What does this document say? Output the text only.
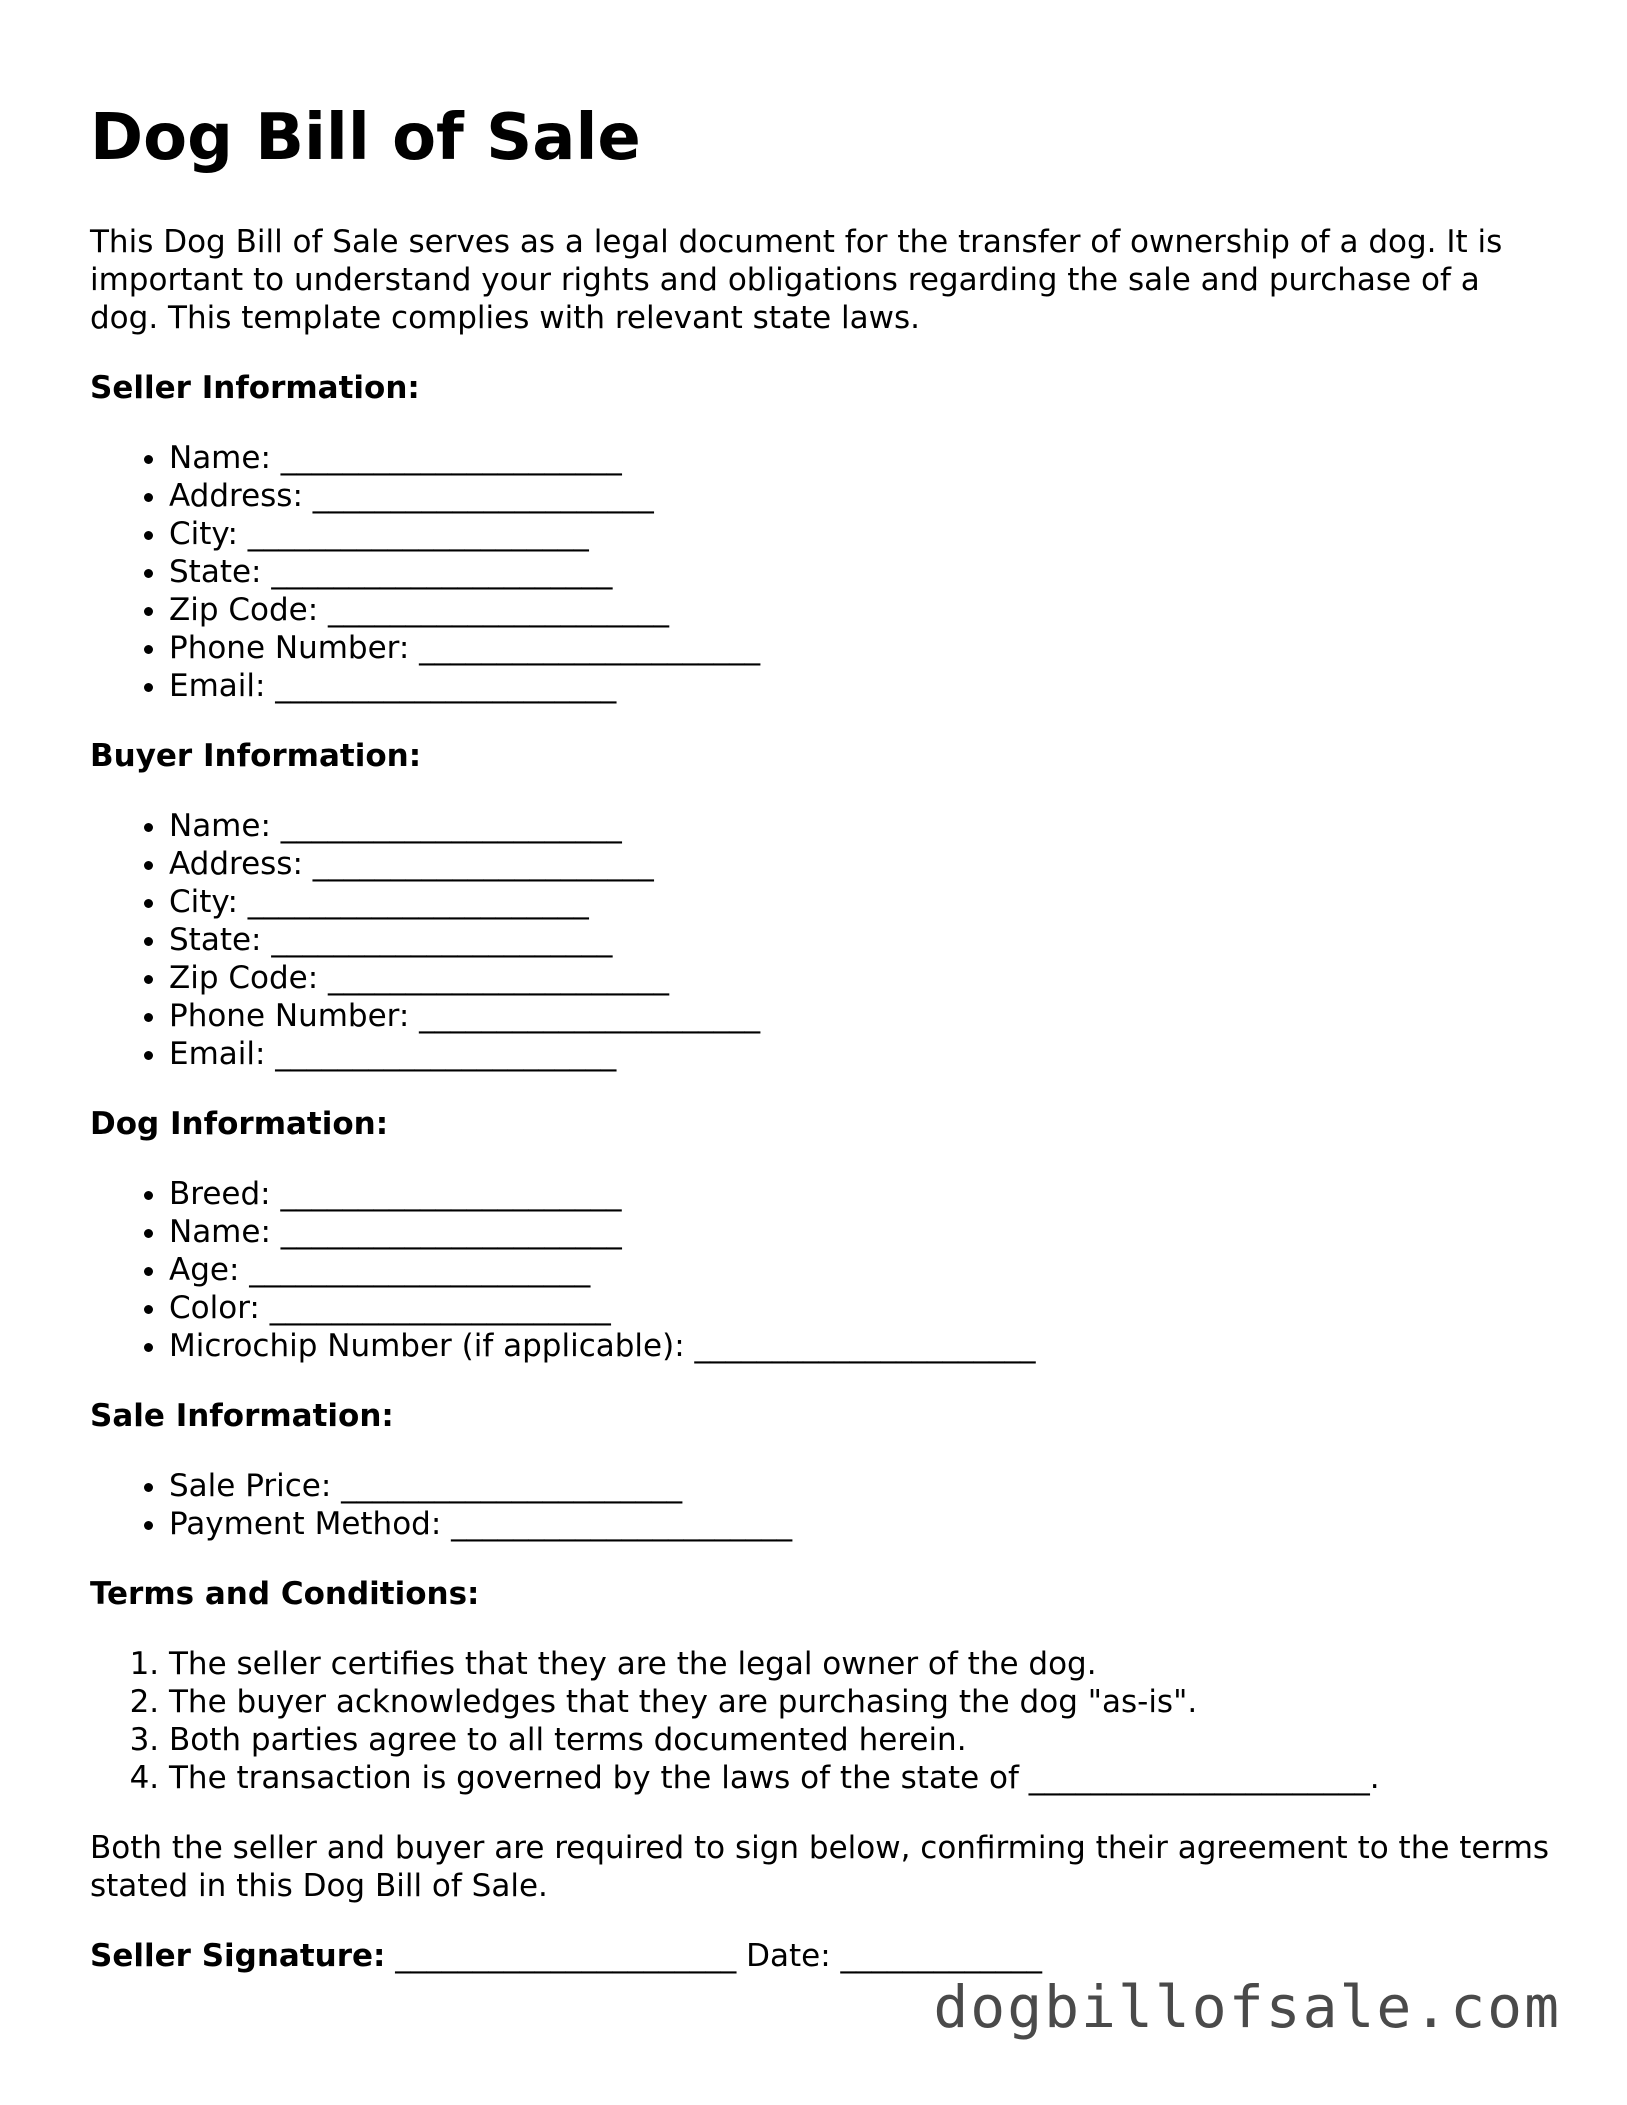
Dog Bill of Sale

This Dog Bill of Sale serves as a legal document for the transfer of ownership of a dog. It is important to understand your rights and obligations regarding the sale and purchase of a dog. This template complies with relevant state laws.

Seller Information:
• Name: ______________________
• Address: ______________________
• City: ______________________
• State: ______________________
• Zip Code: ______________________
• Phone Number: ______________________
• Email: ______________________
Buyer Information:
• Name: ______________________
• Address: ______________________
• City: ______________________
• State: ______________________
• Zip Code: ______________________
• Phone Number: ______________________
• Email: ______________________
Dog Information:
• Breed: ______________________
• Name: ______________________
• Age: ______________________
• Color: ______________________
• Microchip Number (if applicable): ______________________
Sale Information:
• Sale Price: ______________________
• Payment Method: ______________________
Terms and Conditions:
1. The seller certifies that they are the legal owner of the dog.
2. The buyer acknowledges that they are purchasing the dog "as-is".
3. Both parties agree to all terms documented herein.
4. The transaction is governed by the laws of the state of ______________________.

Both the seller and buyer are required to sign below, confirming their agreement to the terms stated in this Dog Bill of Sale.

Seller Signature: ______________________ Date: _____________
dogbillofsale.com
